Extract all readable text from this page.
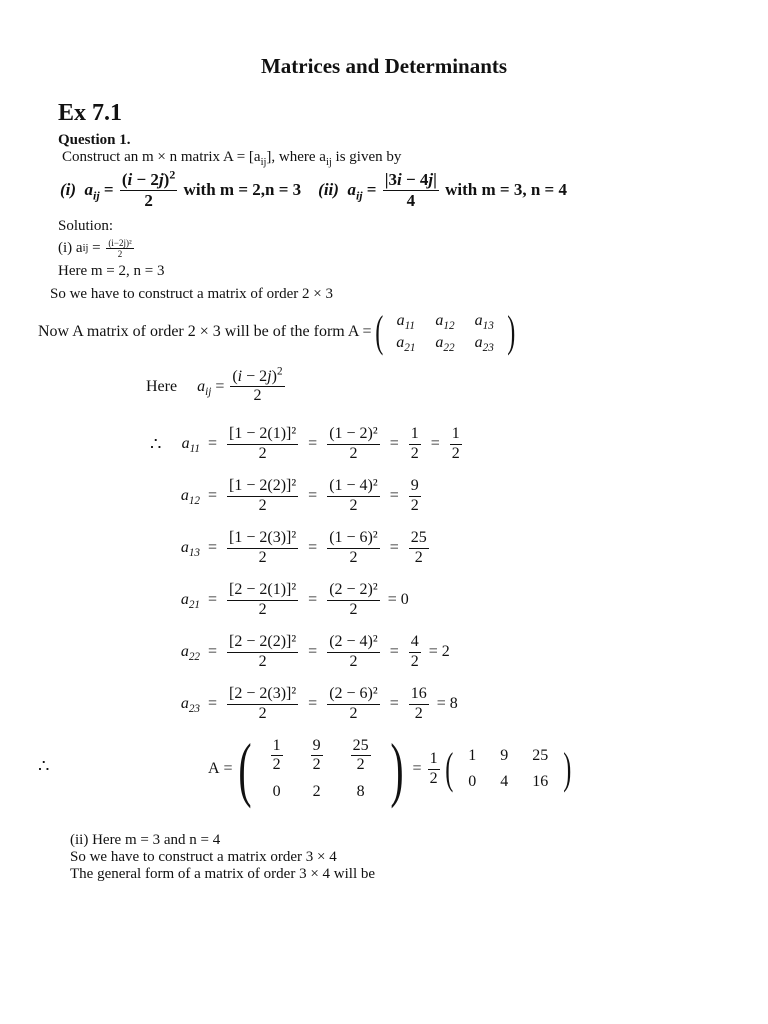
Matrices and Determinants
Ex 7.1
Question 1.
Construct an m × n matrix $A = [a_{ij}]$, where $a_{ij}$ is given by
(i)
$a_{ij} = \frac{(i - 2j)^2}{2}$
with m = 2,n = 3
(ii)
$a_{ij} = \frac{|3i - 4j|}{4}$
with m = 3, n = 4
Solution:
(i) a ij = $\frac{\text{(i−2j)²}}{2}$
Here m = 2, n = 3
So we have to construct a matrix of order 2 × 3
Now A matrix of order 2 × 3 will be of the form A = ( $a_{11}$	$a_{12}$	$a_{13}$
$a_{21}$	$a_{22}$	$a_{23}$ )
Here $a_{ij} = \frac{(i - 2j)^2}{2}$
∴	$a_{11} = \frac{\text{[1 − 2(1)]²}}{2} = \frac{\text{(1 − 2)²}}{2} = \frac{1}{2} = \frac{1}{2}$
$a_{12} = \frac{\text{[1 − 2(2)]²}}{2} = \frac{\text{(1 − 4)²}}{2} = \frac{9}{2}$
$a_{13} = \frac{\text{[1 − 2(3)]²}}{2} = \frac{\text{(1 − 6)²}}{2} = \frac{25}{2}$
$a_{21} = \frac{\text{[2 − 2(1)]²}}{2} = \frac{\text{(2 − 2)²}}{2} = 0$
$a_{22} = \frac{\text{[2 − 2(2)]²}}{2} = \frac{\text{(2 − 4)²}}{2} = \frac{4}{2} = 2$
$a_{23} = \frac{\text{[2 − 2(3)]²}}{2} = \frac{\text{(2 − 6)²}}{2} = \frac{16}{2} = 8$
∴	A = ( $\frac{1}{2}$	$\frac{9}{2}$	$\frac{25}{2}$

0	2	8 ) = $\frac{1}{2}$ ( 1	9	25
0	4	16 )
(ii) Here m = 3 and n = 4
So we have to construct a matrix order 3 × 4
The general form of a matrix of order 3 × 4 will be
